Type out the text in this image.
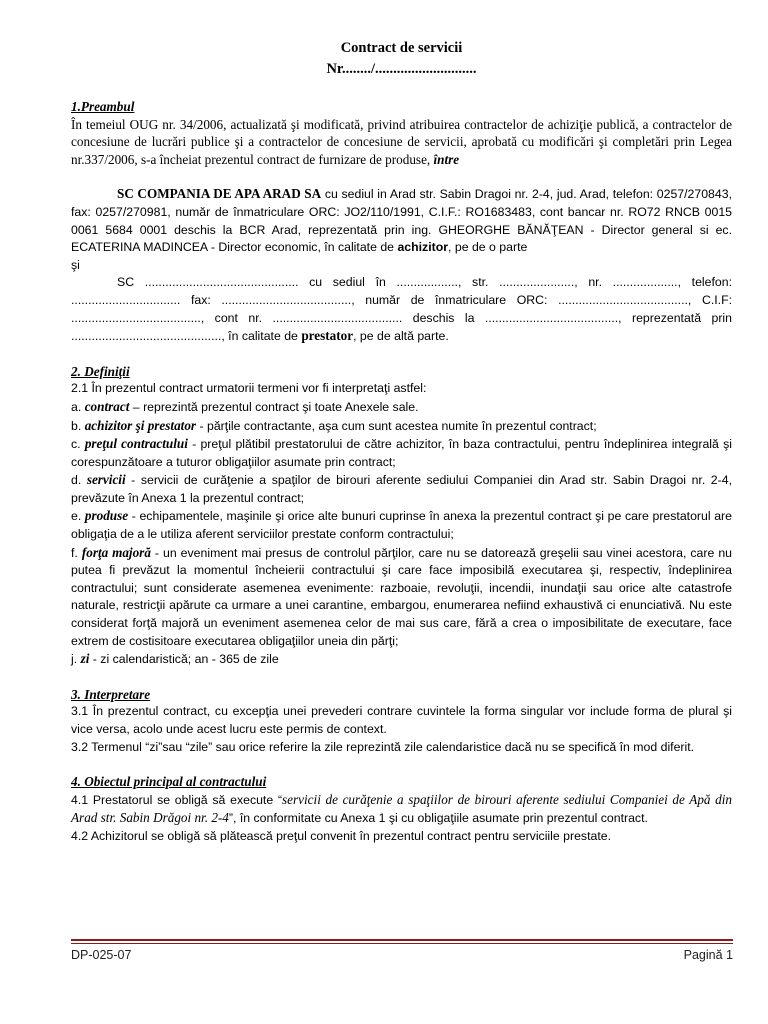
Contract de servicii

Nr......../............................

1.Preambul

În temeiul OUG nr. 34/2006, actualizată şi modificată, privind atribuirea contractelor de achiziţie publică, a contractelor de concesiune de lucrări publice şi a contractelor de concesiune de servicii, aprobată cu modificări şi completări prin Legea nr.337/2006, s-a încheiat prezentul contract de furnizare de produse, între

SC COMPANIA DE APA ARAD SA cu sediul in Arad str. Sabin Dragoi nr. 2-4, jud. Arad, telefon: 0257/270843, fax: 0257/270981, număr de înmatriculare ORC: JO2/110/1991, C.I.F.: RO1683483, cont bancar nr. RO72 RNCB 0015 0061 5684 0001 deschis la BCR Arad, reprezentată prin ing. GHEORGHE BĂNĂŢEAN - Director general si ec. ECATERINA MADINCEA - Director economic, în calitate de achizitor, pe de o parte

şi

SC ............................................. cu sediul în .................., str. ......................, nr. ..................., telefon: ................................ fax: ......................................, număr de înmatriculare ORC: ......................................, C.I.F: ......................................, cont nr. ...................................... deschis la ......................................., reprezentată prin ............................................, în calitate de prestator, pe de altă parte.

2. Definiţii

2.1 În prezentul contract urmatorii termeni vor fi interpretaţi astfel:

a. contract – reprezintă prezentul contract şi toate Anexele sale.

b. achizitor şi prestator - părţile contractante, aşa cum sunt acestea numite în prezentul contract;

c. preţul contractului - preţul plătibil prestatorului de către achizitor, în baza contractului, pentru îndeplinirea integrală şi corespunzătoare a tuturor obligaţiilor asumate prin contract;

d. servicii - servicii de curăţenie a spaţilor de birouri aferente sediului Companiei din Arad str. Sabin Dragoi nr. 2-4, prevăzute în Anexa 1 la prezentul contract;

e. produse - echipamentele, maşinile şi orice alte bunuri cuprinse în anexa la prezentul contract şi pe care prestatorul are obligaţia de a le utiliza aferent serviciilor prestate conform contractului;

f. forţa majoră - un eveniment mai presus de controlul părţilor, care nu se datorează greşelii sau vinei acestora, care nu putea fi prevăzut la momentul încheierii contractului şi care face imposibilă executarea şi, respectiv, îndeplinirea contractului; sunt considerate asemenea evenimente: razboaie, revoluţii, incendii, inundaţii sau orice alte catastrofe naturale, restricţii apărute ca urmare a unei carantine, embargou, enumerarea nefiind exhaustivă ci enunciativă. Nu este considerat forţă majoră un eveniment asemenea celor de mai sus care, fără a crea o imposibilitate de executare, face extrem de costisitoare executarea obligaţiilor uneia din părţi;

j. zi - zi calendaristică; an - 365 de zile

3. Interpretare

3.1 În prezentul contract, cu excepţia unei prevederi contrare cuvintele la forma singular vor include forma de plural şi vice versa, acolo unde acest lucru este permis de context.

3.2 Termenul “zi”sau “zile” sau orice referire la zile reprezintă zile calendaristice dacă nu se specifică în mod diferit.

4. Obiectul principal al contractului

4.1 Prestatorul se obligă să execute “servicii de curăţenie a spaţiilor de birouri aferente sediului Companiei de Apă din Arad str. Sabin Drăgoi nr. 2-4”, în conformitate cu Anexa 1 şi cu obligaţiile asumate prin prezentul contract.

4.2 Achizitorul se obligă să plătească preţul convenit în prezentul contract pentru serviciile prestate.

DP-025-07	Pagină 1
